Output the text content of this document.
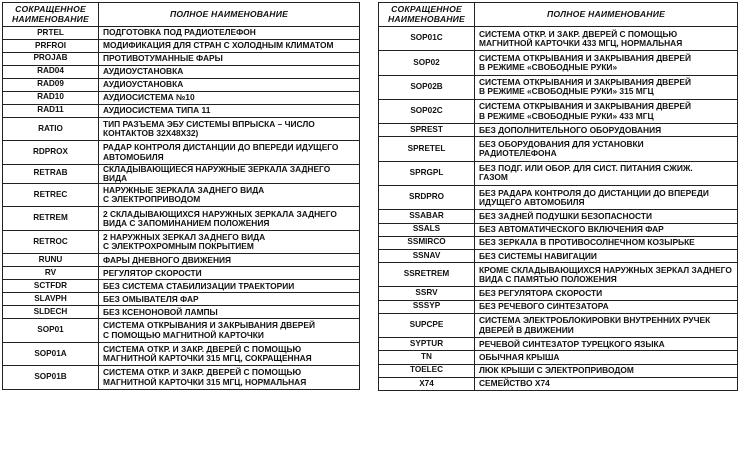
СОКРАЩЕННОЕ
НАИМЕНОВАНИЕ	ПОЛНОЕ НАИМЕНОВАНИЕ
PRTEL	ПОДГОТОВКА ПОД РАДИОТЕЛЕФОН
PRFROI	МОДИФИКАЦИЯ ДЛЯ СТРАН С ХОЛОДНЫМ КЛИМАТОМ
PROJAB	ПРОТИВОТУМАННЫЕ ФАРЫ
RAD04	АУДИОУСТАНОВКА
RAD09	АУДИОУСТАНОВКА
RAD10	АУДИОСИСТЕМА №10
RAD11	АУДИОСИСТЕМА ТИПА 11
RATIO	ТИП РАЗЪЕМА ЭБУ СИСТЕМЫ ВПРЫСКА – ЧИСЛО
КОНТАКТОВ 32X48X32)
RDPROX	РАДАР КОНТРОЛЯ ДИСТАНЦИИ ДО ВПЕРЕДИ ИДУЩЕГО
АВТОМОБИЛЯ
RETRAB	СКЛАДЫВАЮЩИЕСЯ НАРУЖНЫЕ ЗЕРКАЛА ЗАДНЕГО ВИДА
RETREC	НАРУЖНЫЕ ЗЕРКАЛА ЗАДНЕГО ВИДА
С ЭЛЕКТРОПРИВОДОМ
RETREM	2 СКЛАДЫВАЮЩИХСЯ НАРУЖНЫХ ЗЕРКАЛА ЗАДНЕГО
ВИДА С ЗАПОМИНАНИЕМ ПОЛОЖЕНИЯ
RETROC	2 НАРУЖНЫХ ЗЕРКАЛ ЗАДНЕГО ВИДА
С ЭЛЕКТРОХРОМНЫМ ПОКРЫТИЕМ
RUNU	ФАРЫ ДНЕВНОГО ДВИЖЕНИЯ
RV	РЕГУЛЯТОР СКОРОСТИ
SCTFDR	БЕЗ СИСТЕМА СТАБИЛИЗАЦИИ ТРАЕКТОРИИ
SLAVPH	БЕЗ ОМЫВАТЕЛЯ ФАР
SLDECH	БЕЗ КСЕНОНОВОЙ ЛАМПЫ
SOP01	СИСТЕМА ОТКРЫВАНИЯ И ЗАКРЫВАНИЯ ДВЕРЕЙ
С ПОМОЩЬЮ МАГНИТНОЙ КАРТОЧКИ
SOP01A	СИСТЕМА ОТКР. И ЗАКР. ДВЕРЕЙ С ПОМОЩЬЮ
МАГНИТНОЙ КАРТОЧКИ 315 МГЦ, СОКРАЩЕННАЯ
SOP01B	СИСТЕМА ОТКР. И ЗАКР. ДВЕРЕЙ С ПОМОЩЬЮ
МАГНИТНОЙ КАРТОЧКИ 315 МГЦ, НОРМАЛЬНАЯ
СОКРАЩЕННОЕ
НАИМЕНОВАНИЕ	ПОЛНОЕ НАИМЕНОВАНИЕ
SOP01C	СИСТЕМА ОТКР. И ЗАКР. ДВЕРЕЙ С ПОМОЩЬЮ
МАГНИТНОЙ КАРТОЧКИ 433 МГЦ, НОРМАЛЬНАЯ
SOP02	СИСТЕМА ОТКРЫВАНИЯ И ЗАКРЫВАНИЯ ДВЕРЕЙ
В РЕЖИМЕ «СВОБОДНЫЕ РУКИ»
SOP02B	СИСТЕМА ОТКРЫВАНИЯ И ЗАКРЫВАНИЯ ДВЕРЕЙ
В РЕЖИМЕ «СВОБОДНЫЕ РУКИ» 315 МГЦ
SOP02C	СИСТЕМА ОТКРЫВАНИЯ И ЗАКРЫВАНИЯ ДВЕРЕЙ
В РЕЖИМЕ «СВОБОДНЫЕ РУКИ» 433 МГЦ
SPREST	БЕЗ ДОПОЛНИТЕЛЬНОГО ОБОРУДОВАНИЯ
SPRETEL	БЕЗ ОБОРУДОВАНИЯ ДЛЯ УСТАНОВКИ
РАДИОТЕЛЕФОНА
SPRGPL	БЕЗ ПОДГ. ИЛИ ОБОР. ДЛЯ СИСТ. ПИТАНИЯ СЖИЖ.
ГАЗОМ
SRDPRO	БЕЗ РАДАРА КОНТРОЛЯ ДО ДИСТАНЦИИ ДО ВПЕРЕДИ
ИДУЩЕГО АВТОМОБИЛЯ
SSABAR	БЕЗ ЗАДНЕЙ ПОДУШКИ БЕЗОПАСНОСТИ
SSALS	БЕЗ АВТОМАТИЧЕСКОГО ВКЛЮЧЕНИЯ ФАР
SSMIRCO	БЕЗ ЗЕРКАЛА В ПРОТИВОСОЛНЕЧНОМ КОЗЫРЬКЕ
SSNAV	БЕЗ СИСТЕМЫ НАВИГАЦИИ
SSRETREM	КРОМЕ СКЛАДЫВАЮЩИХСЯ НАРУЖНЫХ ЗЕРКАЛ ЗАДНЕГО
ВИДА С ПАМЯТЬЮ ПОЛОЖЕНИЯ
SSRV	БЕЗ РЕГУЛЯТОРА СКОРОСТИ
SSSYP	БЕЗ РЕЧЕВОГО СИНТЕЗАТОРА
SUPCPE	СИСТЕМА ЭЛЕКТРОБЛОКИРОВКИ ВНУТРЕННИХ РУЧЕК
ДВЕРЕЙ В ДВИЖЕНИИ
SYPTUR	РЕЧЕВОЙ СИНТЕЗАТОР ТУРЕЦКОГО ЯЗЫКА
TN	ОБЫЧНАЯ КРЫША
TOELEC	ЛЮК КРЫШИ С ЭЛЕКТРОПРИВОДОМ
X74	СЕМЕЙСТВО Х74
